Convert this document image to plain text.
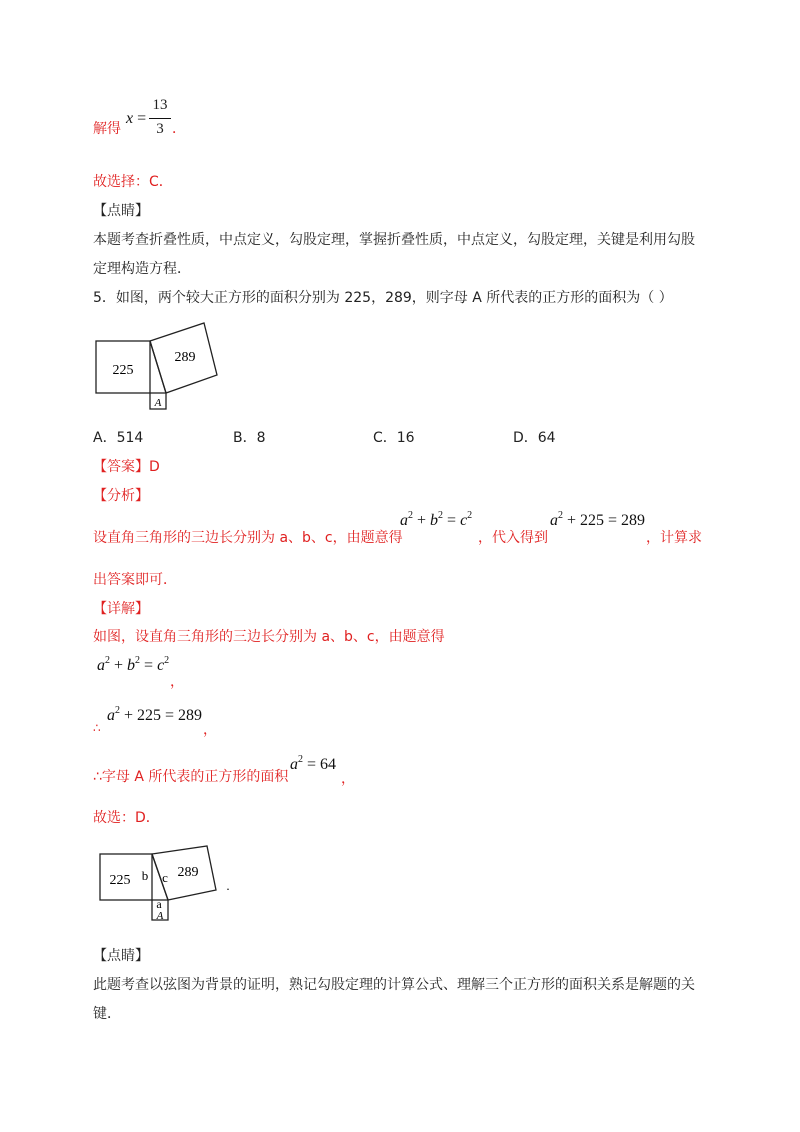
解得
x =
13
3 ．
故选择：C．
【点睛】
本题考查折叠性质，中点定义，勾股定理，掌握折叠性质，中点定义，勾股定理，关键是利用勾股
定理构造方程．
5．如图，两个较大正方形的面积分别为 225，289，则字母 A 所代表的正方形的面积为（ ）
225
289
A
A．514	B．8	C．16	D．64
【答案】D
【分析】
设直角三角形的三边长分别为 a、b、c，由题意得
$a^2 + b^2 = c^2$
，代入得到
$a^2 + 225 = 289$
，计算求
出答案即可．
【详解】
如图，设直角三角形的三边长分别为 a、b、c，由题意得
$a^2 + b^2 = c^2$
，
∴
$a^2 + 225 = 289$
，
∴字母 A 所代表的正方形的面积
$a^2 = 64$
，
故选：D．
225
289
b c
a
A
.
【点睛】
此题考查以弦图为背景的证明，熟记勾股定理的计算公式、理解三个正方形的面积关系是解题的关
键．
